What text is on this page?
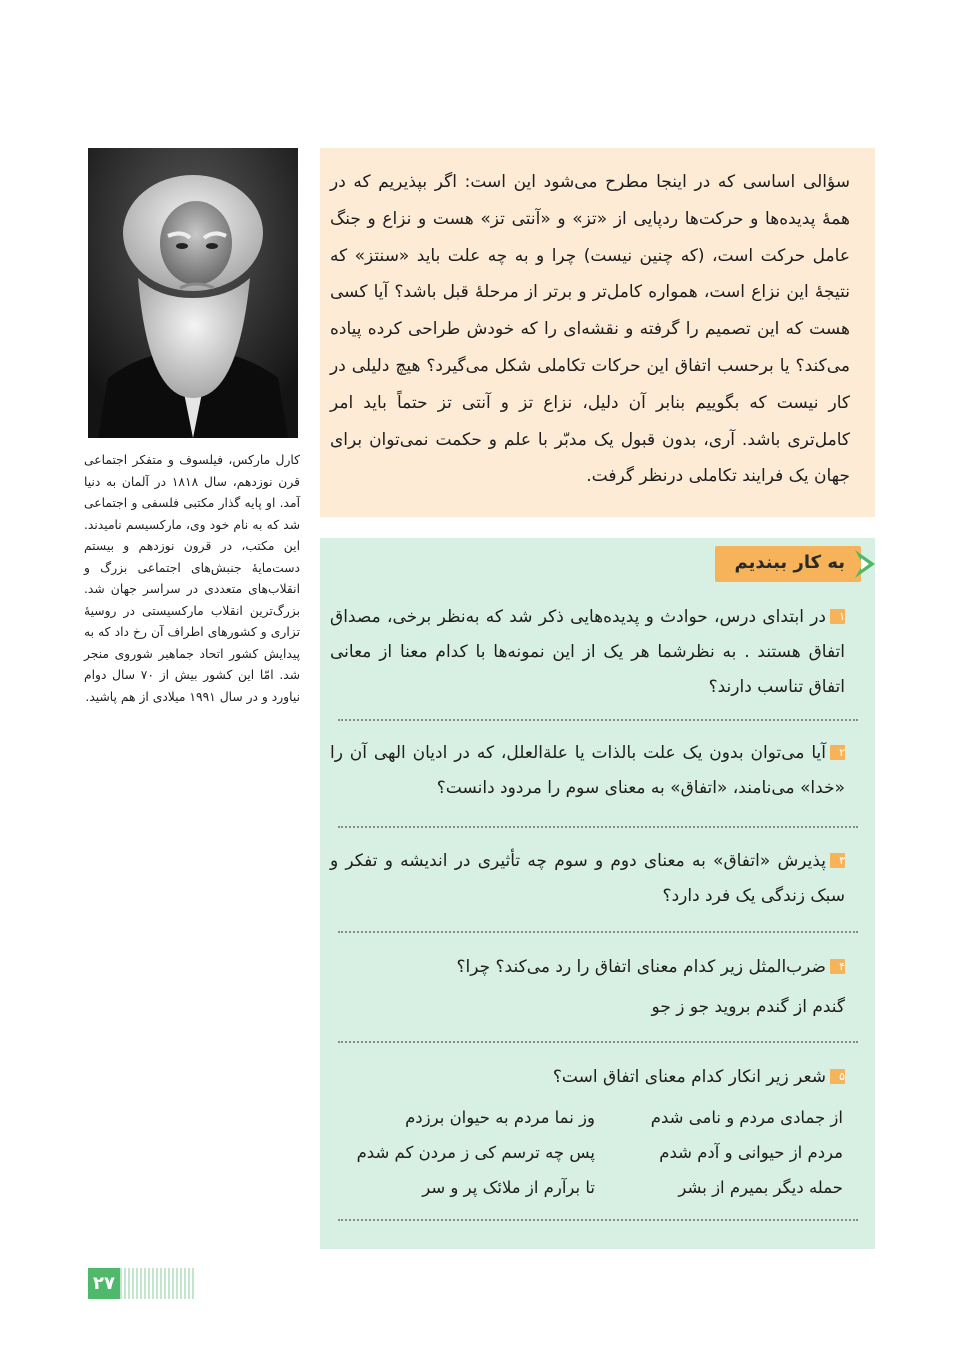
کارل مارکس، فیلسوف و متفکر اجتماعی قرن نوزدهم، سال ۱۸۱۸ در آلمان به دنیا آمد. او پایه گذار مکتبی فلسفی و اجتماعی شد که به نام خود وی، مارکسیسم نامیدند. این مکتب، در قرون نوزدهم و بیستم دست‌مایهٔ جنبش‌های اجتماعی بزرگ و انقلاب‌های متعددی در سراسر جهان شد. بزرگ‌ترین انقلاب مارکسیستی در روسیهٔ تزاری و کشورهای اطراف آن رخ داد که به پیدایش کشور اتحاد جماهیر شوروی منجر شد. امّا این کشور بیش از ۷۰ سال دوام نیاورد و در سال ۱۹۹۱ میلادی از هم پاشید.

سؤالی اساسی که در اینجا مطرح می‌شود این است: اگر بپذیریم که در همهٔ پدیده‌ها و حرکت‌ها ردپایی از «تز» و «آنتی تز» هست و نزاع و جنگ عامل حرکت است، (که چنین نیست) چرا و به چه علت باید «سنتز» که نتیجهٔ این نزاع است، همواره کامل‌تر و برتر از مرحلهٔ قبل باشد؟ آیا کسی هست که این تصمیم را گرفته و نقشه‌ای را که خودش طراحی کرده پیاده می‌کند؟ یا برحسب اتفاق این حرکات تکاملی شکل می‌گیرد؟ هیچ دلیلی در کار نیست که بگوییم بنابر آن دلیل، نزاع تز و آنتی تز حتماً باید امر کامل‌تری باشد. آری، بدون قبول یک مدبّر با علم و حکمت نمی‌توان برای جهان یک فرایند تکاملی درنظر گرفت.

به کار ببندیم
۱در ابتدای درس، حوادث و پدیده‌هایی ذکر شد که به‌نظر برخی، مصداق اتفاق هستند . به نظرشما هر یک از این نمونه‌ها با کدام معنا از معانی اتفاق تناسب دارند؟
۲آیا می‌توان بدون یک علت بالذات یا علة‌العلل، که در ادیان الهی آن را «خدا» می‌نامند، «اتفاق» به معنای سوم را مردود دانست؟
۳پذیرش «اتفاق» به معنای دوم و سوم چه تأثیری در اندیشه و تفکر و سبک زندگی یک فرد دارد؟
۴ضرب‌المثل زیر کدام معنای اتفاق را رد می‌کند؟ چرا؟
گندم از گندم بروید جو ز جو
۵شعر زیر انکار کدام معنای اتفاق است؟
از جمادی مردم و نامی شدم
وز نما مردم به حیوان برزدم
مردم از حیوانی و آدم شدم
پس چه ترسم کی ز مردن کم شدم
حمله دیگر بمیرم از بشر
تا برآرم از ملائک پر و سر
۲۷
